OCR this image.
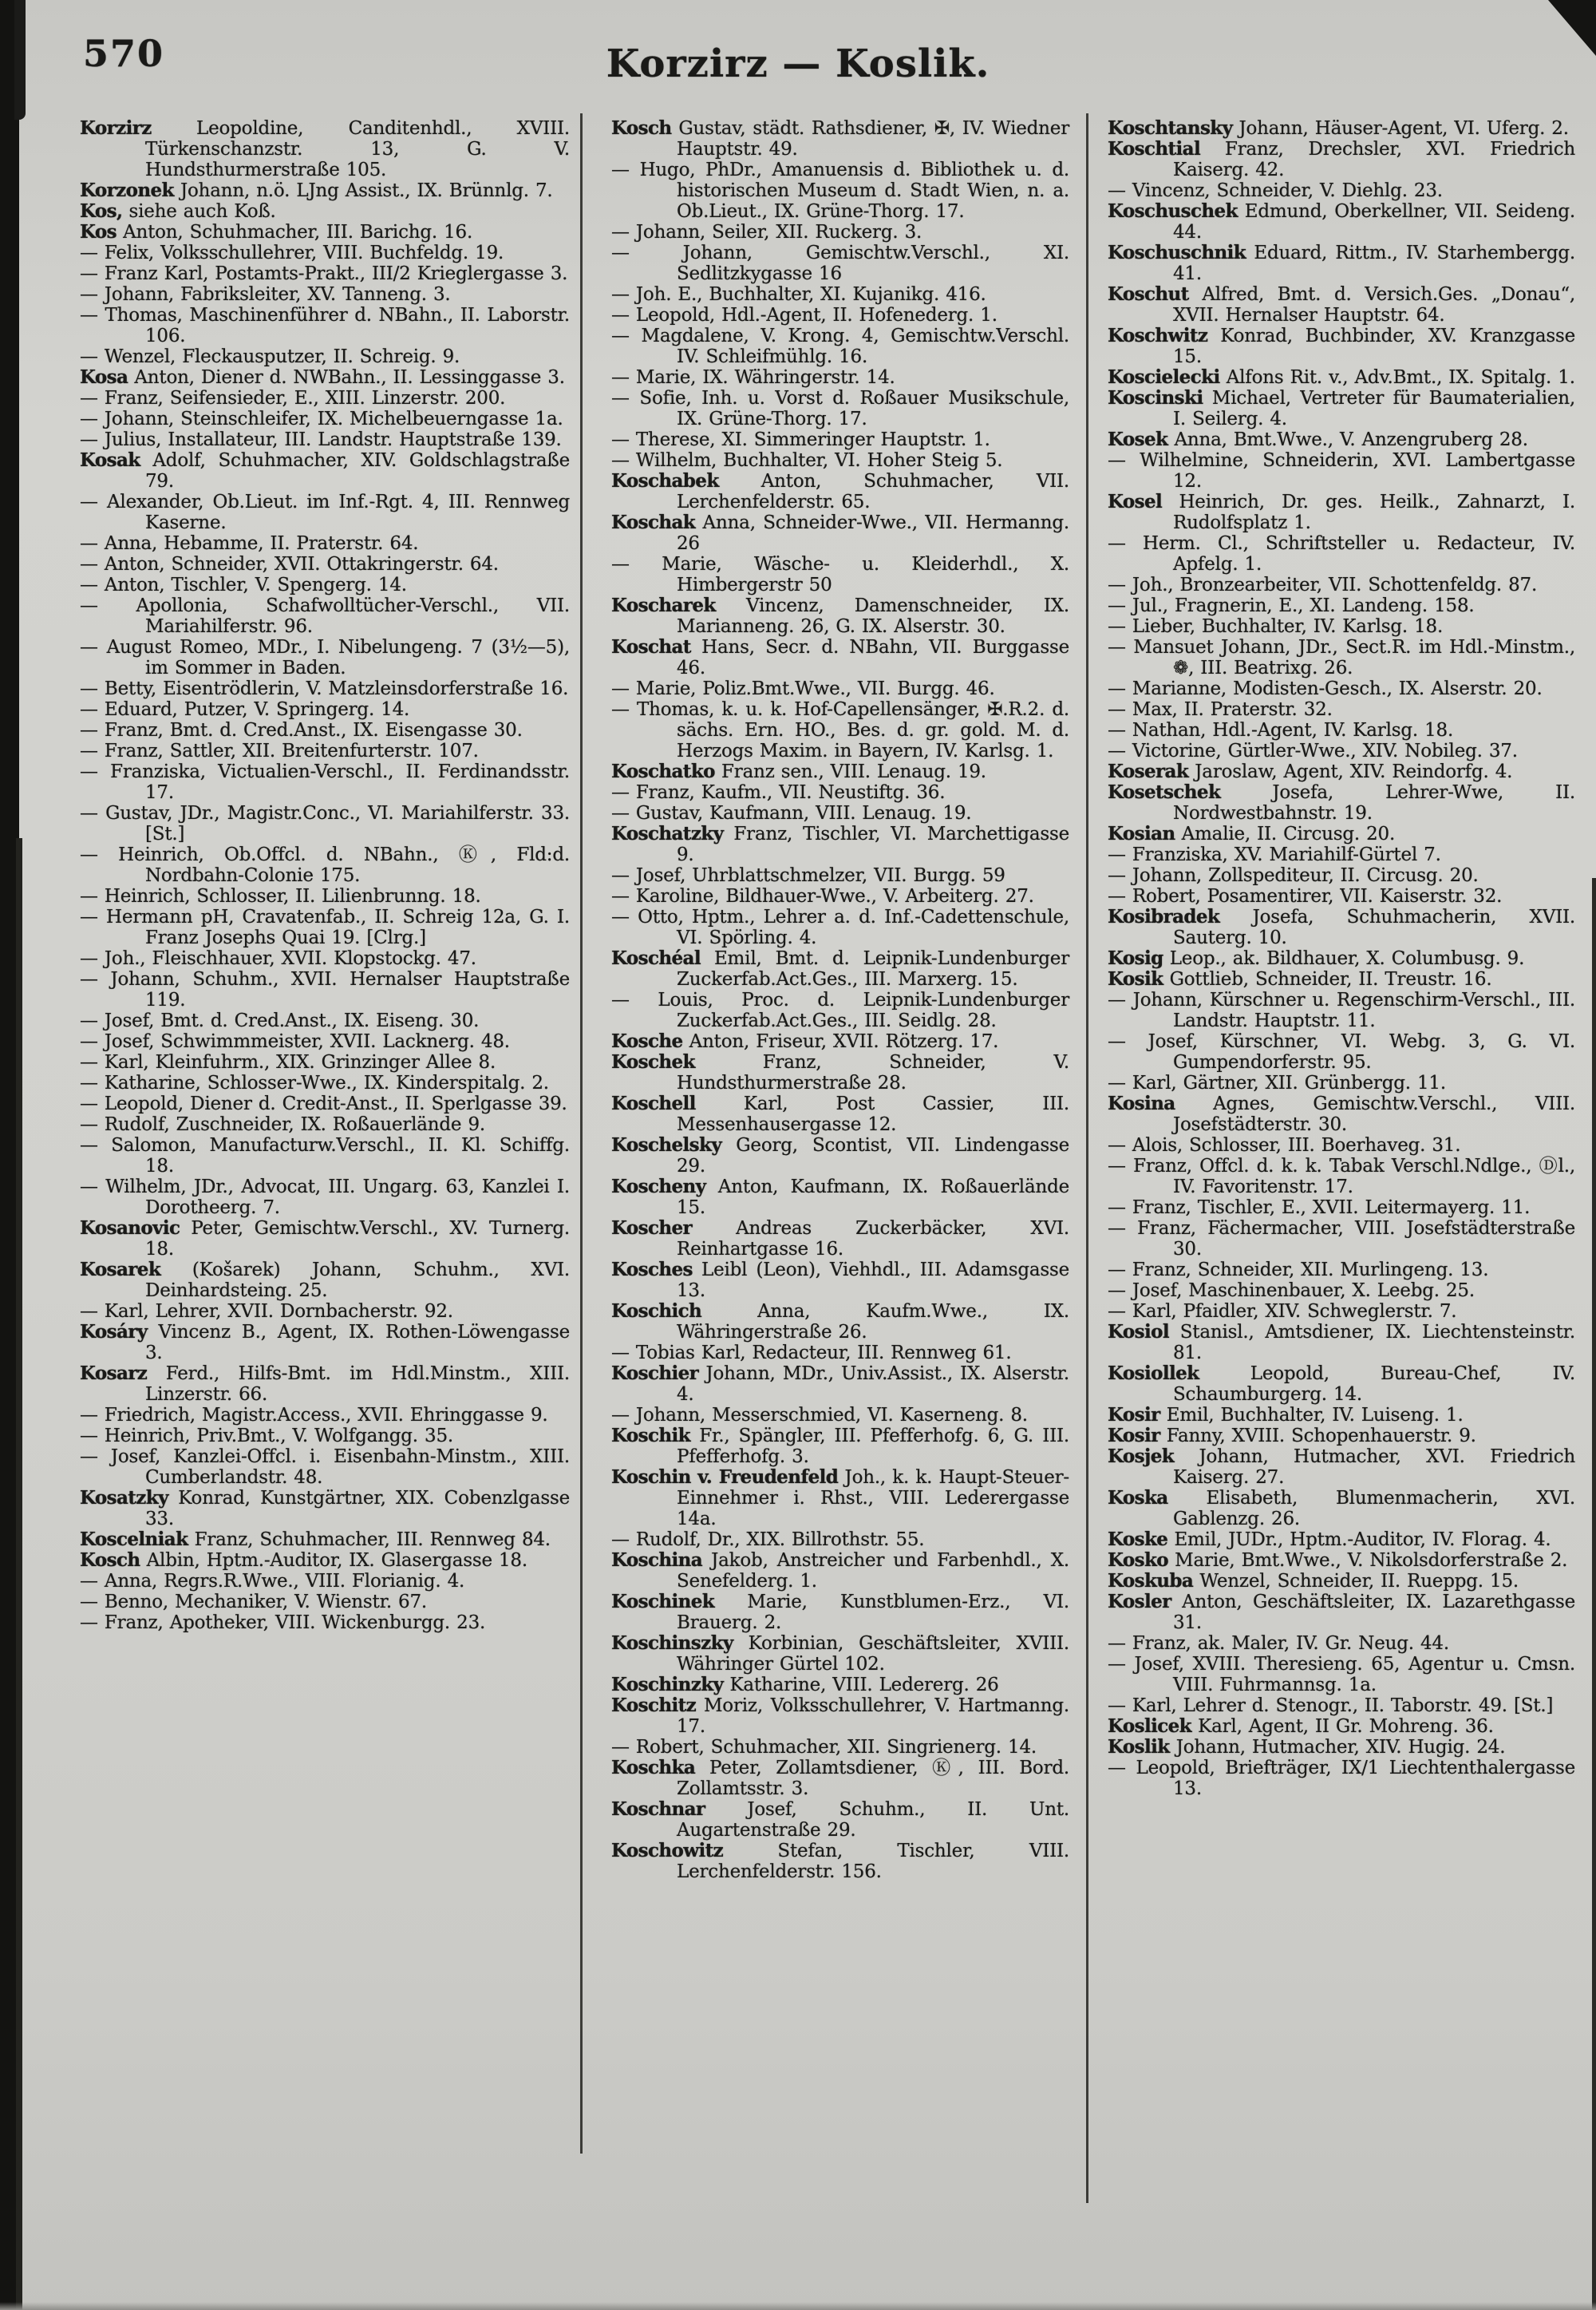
570	Korzirz — Koslik.
Korzirz Leopoldine, Canditenhdl., XVIII. Türkenschanzstr. 13, G. V. Hundsthurmerstraße 105.
Korzonek Johann, n.ö. LJng Assist., IX. Brünnlg. 7.
Kos, siehe auch Koß.
Kos Anton, Schuhmacher, III. Barichg. 16.
— Felix, Volksschullehrer, VIII. Buchfeldg. 19.
— Franz Karl, Postamts-Prakt., III/2 Krieglergasse 3.
— Johann, Fabriksleiter, XV. Tanneng. 3.
— Thomas, Maschinenführer d. NBahn., II. Laborstr. 106.
— Wenzel, Fleckausputzer, II. Schreig. 9.
Kosa Anton, Diener d. NWBahn., II. Lessinggasse 3.
— Franz, Seifensieder, E., XIII. Linzerstr. 200.
— Johann, Steinschleifer, IX. Michelbeuerngasse 1a.
— Julius, Installateur, III. Landstr. Hauptstraße 139.
Kosak Adolf, Schuhmacher, XIV. Goldschlagstraße 79.
— Alexander, Ob.Lieut. im Inf.-Rgt. 4, III. Rennweg Kaserne.
— Anna, Hebamme, II. Praterstr. 64.
— Anton, Schneider, XVII. Ottakringerstr. 64.
— Anton, Tischler, V. Spengerg. 14.
— Apollonia, Schafwolltücher-Verschl., VII. Mariahilferstr. 96.
— August Romeo, MDr., I. Nibelungeng. 7 (3½—5), im Sommer in Baden.
— Betty, Eisentrödlerin, V. Matzleinsdorferstraße 16.
— Eduard, Putzer, V. Springerg. 14.
— Franz, Bmt. d. Cred.Anst., IX. Eisengasse 30.
— Franz, Sattler, XII. Breitenfurterstr. 107.
— Franziska, Victualien-Verschl., II. Ferdinandsstr. 17.
— Gustav, JDr., Magistr.Conc., VI. Mariahilferstr. 33. [St.]
— Heinrich, Ob.Offcl. d. NBahn., Ⓚ, Fld:d. Nordbahn-Colonie 175.
— Heinrich, Schlosser, II. Lilienbrunng. 18.
— Hermann pH, Cravatenfab., II. Schreig 12a, G. I. Franz Josephs Quai 19. [Clrg.]
— Joh., Fleischhauer, XVII. Klopstockg. 47.
— Johann, Schuhm., XVII. Hernalser Hauptstraße 119.
— Josef, Bmt. d. Cred.Anst., IX. Eiseng. 30.
— Josef, Schwimmmeister, XVII. Lacknerg. 48.
— Karl, Kleinfuhrm., XIX. Grinzinger Allee 8.
— Katharine, Schlosser-Wwe., IX. Kinderspitalg. 2.
— Leopold, Diener d. Credit-Anst., II. Sperlgasse 39.
— Rudolf, Zuschneider, IX. Roßauerlände 9.
— Salomon, Manufacturw.Verschl., II. Kl. Schiffg. 18.
— Wilhelm, JDr., Advocat, III. Ungarg. 63, Kanzlei I. Dorotheerg. 7.
Kosanovic Peter, Gemischtw.Verschl., XV. Turnerg. 18.
Kosarek (Košarek) Johann, Schuhm., XVI. Deinhardsteing. 25.
— Karl, Lehrer, XVII. Dornbacherstr. 92.
Kosáry Vincenz B., Agent, IX. Rothen-Löwengasse 3.
Kosarz Ferd., Hilfs-Bmt. im Hdl.Minstm., XIII. Linzerstr. 66.
— Friedrich, Magistr.Access., XVII. Ehringgasse 9.
— Heinrich, Priv.Bmt., V. Wolfgangg. 35.
— Josef, Kanzlei-Offcl. i. Eisenbahn-Minstm., XIII. Cumberlandstr. 48.
Kosatzky Konrad, Kunstgärtner, XIX. Cobenzlgasse 33.
Koscelniak Franz, Schuhmacher, III. Rennweg 84.
Kosch Albin, Hptm.-Auditor, IX. Glasergasse 18.
— Anna, Regrs.R.Wwe., VIII. Florianig. 4.
— Benno, Mechaniker, V. Wienstr. 67.
— Franz, Apotheker, VIII. Wickenburgg. 23.
Kosch Gustav, städt. Rathsdiener, ✠, IV. Wiedner Hauptstr. 49.
— Hugo, PhDr., Amanuensis d. Bibliothek u. d. historischen Museum d. Stadt Wien, n. a. Ob.Lieut., IX. Grüne-Thorg. 17.
— Johann, Seiler, XII. Ruckerg. 3.
— Johann, Gemischtw.Verschl., XI. Sedlitzkygasse 16
— Joh. E., Buchhalter, XI. Kujanikg. 416.
— Leopold, Hdl.-Agent, II. Hofenederg. 1.
— Magdalene, V. Krong. 4, Gemischtw.Verschl. IV. Schleifmühlg. 16.
— Marie, IX. Währingerstr. 14.
— Sofie, Inh. u. Vorst d. Roßauer Musikschule, IX. Grüne-Thorg. 17.
— Therese, XI. Simmeringer Hauptstr. 1.
— Wilhelm, Buchhalter, VI. Hoher Steig 5.
Koschabek Anton, Schuhmacher, VII. Lerchenfelderstr. 65.
Koschak Anna, Schneider-Wwe., VII. Hermanng. 26
— Marie, Wäsche- u. Kleiderhdl., X. Himbergerstr 50
Koscharek Vincenz, Damenschneider, IX. Marianneng. 26, G. IX. Alserstr. 30.
Koschat Hans, Secr. d. NBahn, VII. Burggasse 46.
— Marie, Poliz.Bmt.Wwe., VII. Burgg. 46.
— Thomas, k. u. k. Hof-Capellensänger, ✠.R.2. d. sächs. Ern. HO., Bes. d. gr. gold. M. d. Herzogs Maxim. in Bayern, IV. Karlsg. 1.
Koschatko Franz sen., VIII. Lenaug. 19.
— Franz, Kaufm., VII. Neustiftg. 36.
— Gustav, Kaufmann, VIII. Lenaug. 19.
Koschatzky Franz, Tischler, VI. Marchettigasse 9.
— Josef, Uhrblattschmelzer, VII. Burgg. 59
— Karoline, Bildhauer-Wwe., V. Arbeiterg. 27.
— Otto, Hptm., Lehrer a. d. Inf.-Cadettenschule, VI. Spörling. 4.
Koschéal Emil, Bmt. d. Leipnik-Lundenburger Zuckerfab.Act.Ges., III. Marxerg. 15.
— Louis, Proc. d. Leipnik-Lundenburger Zuckerfab.Act.Ges., III. Seidlg. 28.
Kosche Anton, Friseur, XVII. Rötzerg. 17.
Koschek Franz, Schneider, V. Hundsthurmerstraße 28.
Koschell Karl, Post Cassier, III. Messenhausergasse 12.
Koschelsky Georg, Scontist, VII. Lindengasse 29.
Koscheny Anton, Kaufmann, IX. Roßauerlände 15.
Koscher Andreas Zuckerbäcker, XVI. Reinhartgasse 16.
Kosches Leibl (Leon), Viehhdl., III. Adamsgasse 13.
Koschich Anna, Kaufm.Wwe., IX. Währingerstraße 26.
— Tobias Karl, Redacteur, III. Rennweg 61.
Koschier Johann, MDr., Univ.Assist., IX. Alserstr. 4.
— Johann, Messerschmied, VI. Kaserneng. 8.
Koschik Fr., Spängler, III. Pfefferhofg. 6, G. III. Pfefferhofg. 3.
Koschin v. Freudenfeld Joh., k. k. Haupt-Steuer-Einnehmer i. Rhst., VIII. Lederergasse 14a.
— Rudolf, Dr., XIX. Billrothstr. 55.
Koschina Jakob, Anstreicher und Farbenhdl., X. Senefelderg. 1.
Koschinek Marie, Kunstblumen-Erz., VI. Brauerg. 2.
Koschinszky Korbinian, Geschäftsleiter, XVIII. Währinger Gürtel 102.
Koschinzky Katharine, VIII. Ledererg. 26
Koschitz Moriz, Volksschullehrer, V. Hartmanng. 17.
— Robert, Schuhmacher, XII. Singrienerg. 14.
Koschka Peter, Zollamtsdiener, Ⓚ, III. Bord. Zollamtsstr. 3.
Koschnar Josef, Schuhm., II. Unt. Augartenstraße 29.
Koschowitz Stefan, Tischler, VIII. Lerchenfelderstr. 156.
Koschtansky Johann, Häuser-Agent, VI. Uferg. 2.
Koschtial Franz, Drechsler, XVI. Friedrich Kaiserg. 42.
— Vincenz, Schneider, V. Diehlg. 23.
Koschuschek Edmund, Oberkellner, VII. Seideng. 44.
Koschuschnik Eduard, Rittm., IV. Starhembergg. 41.
Koschut Alfred, Bmt. d. Versich.Ges. „Donau“, XVII. Hernalser Hauptstr. 64.
Koschwitz Konrad, Buchbinder, XV. Kranzgasse 15.
Koscielecki Alfons Rit. v., Adv.Bmt., IX. Spitalg. 1.
Koscinski Michael, Vertreter für Baumaterialien, I. Seilerg. 4.
Kosek Anna, Bmt.Wwe., V. Anzengruberg 28.
— Wilhelmine, Schneiderin, XVI. Lambertgasse 12.
Kosel Heinrich, Dr. ges. Heilk., Zahnarzt, I. Rudolfsplatz 1.
— Herm. Cl., Schriftsteller u. Redacteur, IV. Apfelg. 1.
— Joh., Bronzearbeiter, VII. Schottenfeldg. 87.
— Jul., Fragnerin, E., XI. Landeng. 158.
— Lieber, Buchhalter, IV. Karlsg. 18.
— Mansuet Johann, JDr., Sect.R. im Hdl.-Minstm., ❁, III. Beatrixg. 26.
— Marianne, Modisten-Gesch., IX. Alserstr. 20.
— Max, II. Praterstr. 32.
— Nathan, Hdl.-Agent, IV. Karlsg. 18.
— Victorine, Gürtler-Wwe., XIV. Nobileg. 37.
Koserak Jaroslaw, Agent, XIV. Reindorfg. 4.
Kosetschek Josefa, Lehrer-Wwe, II. Nordwestbahnstr. 19.
Kosian Amalie, II. Circusg. 20.
— Franziska, XV. Mariahilf-Gürtel 7.
— Johann, Zollspediteur, II. Circusg. 20.
— Robert, Posamentirer, VII. Kaiserstr. 32.
Kosibradek Josefa, Schuhmacherin, XVII. Sauterg. 10.
Kosig Leop., ak. Bildhauer, X. Columbusg. 9.
Kosik Gottlieb, Schneider, II. Treustr. 16.
— Johann, Kürschner u. Regenschirm-Verschl., III. Landstr. Hauptstr. 11.
— Josef, Kürschner, VI. Webg. 3, G. VI. Gumpendorferstr. 95.
— Karl, Gärtner, XII. Grünbergg. 11.
Kosina Agnes, Gemischtw.Verschl., VIII. Josefstädterstr. 30.
— Alois, Schlosser, III. Boerhaveg. 31.
— Franz, Offcl. d. k. k. Tabak Verschl.Ndlge., Ⓓl., IV. Favoritenstr. 17.
— Franz, Tischler, E., XVII. Leitermayerg. 11.
— Franz, Fächermacher, VIII. Josefstädterstraße 30.
— Franz, Schneider, XII. Murlingeng. 13.
— Josef, Maschinenbauer, X. Leebg. 25.
— Karl, Pfaidler, XIV. Schweglerstr. 7.
Kosiol Stanisl., Amtsdiener, IX. Liechtensteinstr. 81.
Kosiollek Leopold, Bureau-Chef, IV. Schaumburgerg. 14.
Kosir Emil, Buchhalter, IV. Luiseng. 1.
Kosir Fanny, XVIII. Schopenhauerstr. 9.
Kosjek Johann, Hutmacher, XVI. Friedrich Kaiserg. 27.
Koska Elisabeth, Blumenmacherin, XVI. Gablenzg. 26.
Koske Emil, JUDr., Hptm.-Auditor, IV. Florag. 4.
Kosko Marie, Bmt.Wwe., V. Nikolsdorferstraße 2.
Koskuba Wenzel, Schneider, II. Rueppg. 15.
Kosler Anton, Geschäftsleiter, IX. Lazarethgasse 31.
— Franz, ak. Maler, IV. Gr. Neug. 44.
— Josef, XVIII. Theresieng. 65, Agentur u. Cmsn. VIII. Fuhrmannsg. 1a.
— Karl, Lehrer d. Stenogr., II. Taborstr. 49. [St.]
Koslicek Karl, Agent, II Gr. Mohreng. 36.
Koslik Johann, Hutmacher, XIV. Hugig. 24.
— Leopold, Briefträger, IX/1 Liechtenthalergasse 13.
